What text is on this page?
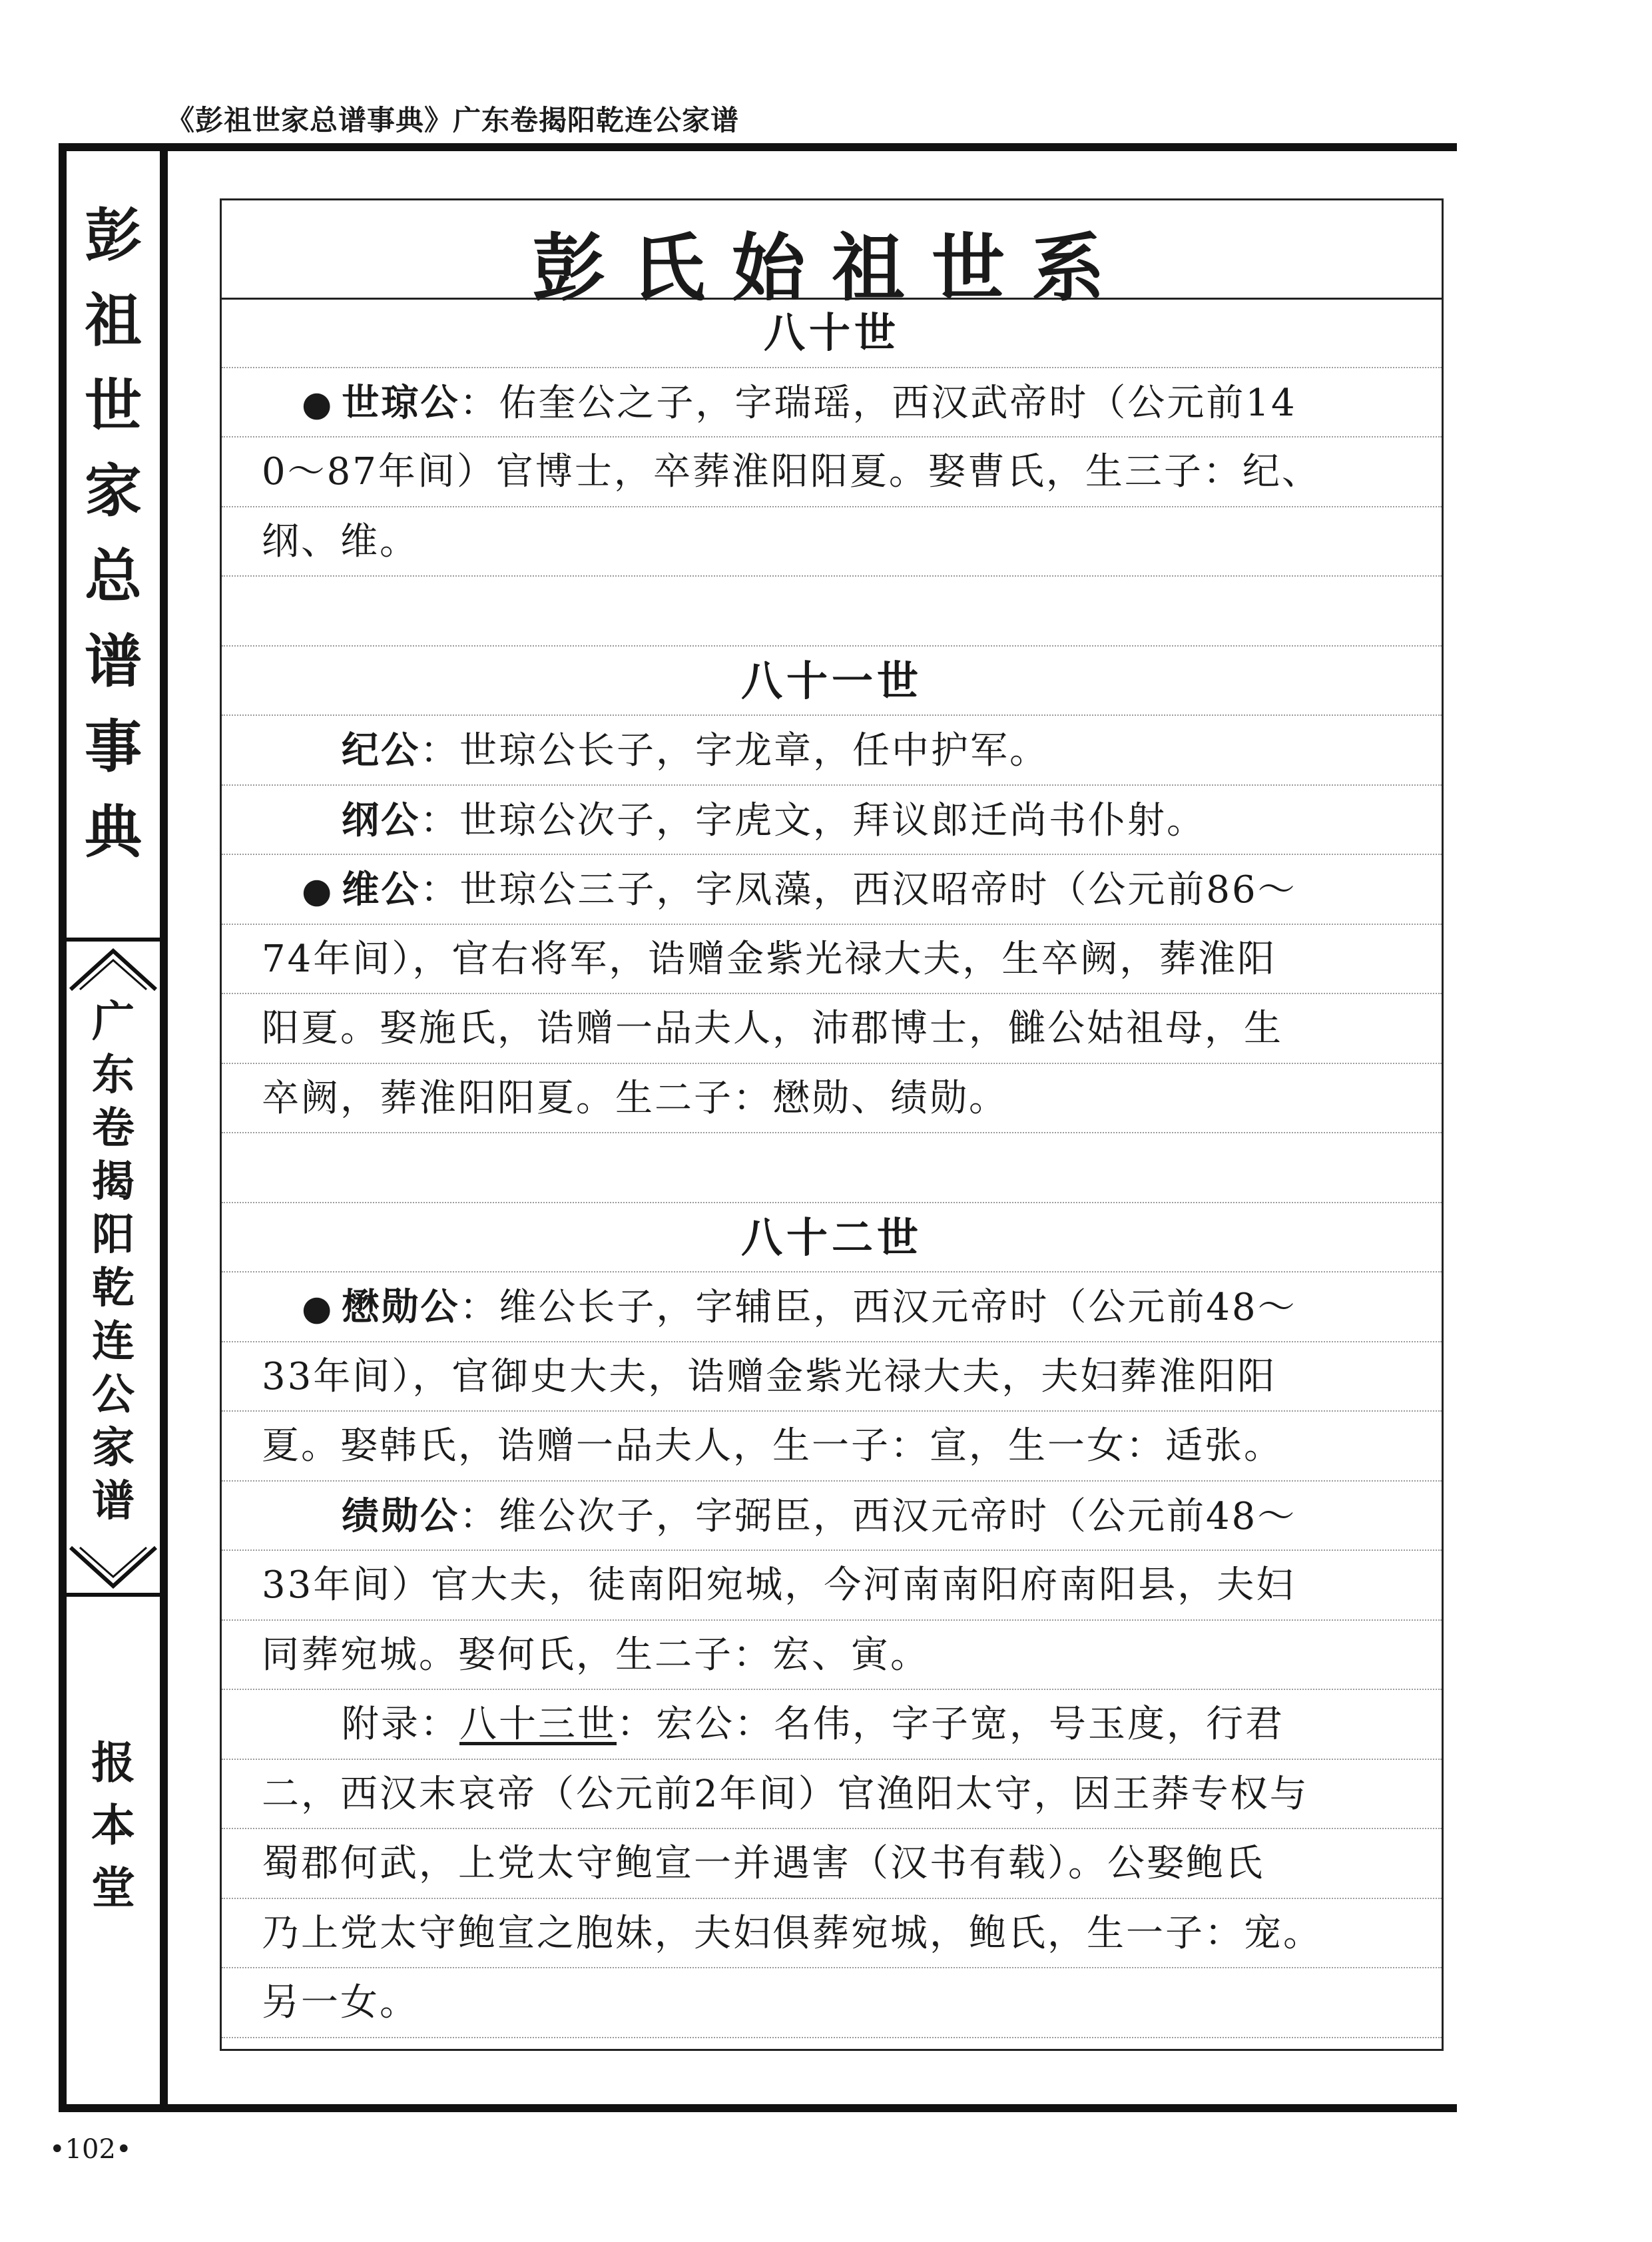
《彭祖世家总谱事典》广东卷揭阳乾连公家谱
彭
祖
世
家
总
谱
事
典
广
东
卷
揭
阳
乾
连
公
家
谱
报
本
堂
彭氏始祖世系
八十世
● 世琼公：佑奎公之子，字瑞瑶，西汉武帝时（公元前14
0～87年间）官博士，卒葬淮阳阳夏。娶曹氏，生三子：纪、
纲、维。
八十一世
纪公：世琼公长子，字龙章，任中护军。
纲公：世琼公次子，字虎文，拜议郎迁尚书仆射。
● 维公：世琼公三子，字凤藻，西汉昭帝时（公元前86～
74年间），官右将军，诰赠金紫光禄大夫，生卒阙，葬淮阳
阳夏。娶施氏，诰赠一品夫人，沛郡博士，雠公姑祖母，生
卒阙，葬淮阳阳夏。生二子：懋勋、绩勋。
八十二世
● 懋勋公：维公长子，字辅臣，西汉元帝时（公元前48～
33年间），官御史大夫，诰赠金紫光禄大夫，夫妇葬淮阳阳
夏。娶韩氏，诰赠一品夫人，生一子：宣，生一女：适张。
绩勋公：维公次子，字弼臣，西汉元帝时（公元前48～
33年间）官大夫，徒南阳宛城，今河南南阳府南阳县，夫妇
同葬宛城。娶何氏，生二子：宏、寅。
附录：八十三世：宏公：名伟，字子宽，号玉度，行君
二，西汉末哀帝（公元前2年间）官渔阳太守，因王莽专权与
蜀郡何武，上党太守鲍宣一并遇害（汉书有载）。公娶鲍氏
乃上党太守鲍宣之胞妹，夫妇俱葬宛城，鲍氏，生一子：宠。
另一女。
•102•
